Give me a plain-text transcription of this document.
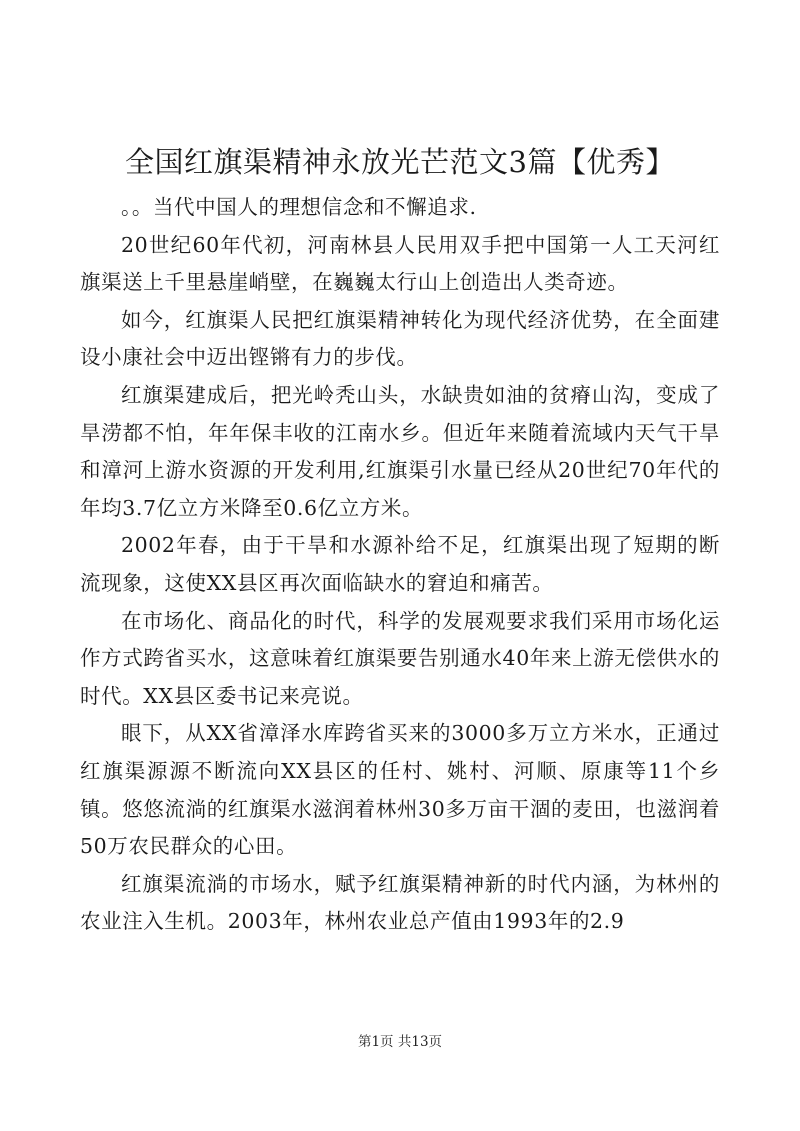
全国红旗渠精神永放光芒范文3篇【优秀】

。。当代中国人的理想信念和不懈追求.

20世纪60年代初，河南林县人民用双手把中国第一人工天河红旗渠送上千里悬崖峭壁，在巍巍太行山上创造出人类奇迹。

如今，红旗渠人民把红旗渠精神转化为现代经济优势，在全面建设小康社会中迈出铿锵有力的步伐。

红旗渠建成后，把光岭秃山头，水缺贵如油的贫瘠山沟，变成了旱涝都不怕，年年保丰收的江南水乡。但近年来随着流域内天气干旱和漳河上游水资源的开发利用,红旗渠引水量已经从20世纪70年代的年均3.7亿立方米降至0.6亿立方米。

2002年春，由于干旱和水源补给不足，红旗渠出现了短期的断流现象，这使XX县区再次面临缺水的窘迫和痛苦。

在市场化、商品化的时代，科学的发展观要求我们采用市场化运作方式跨省买水，这意味着红旗渠要告别通水40年来上游无偿供水的时代。XX县区委书记来亮说。

眼下，从XX省漳泽水库跨省买来的3000多万立方米水，正通过红旗渠源源不断流向XX县区的任村、姚村、河顺、原康等11个乡镇。悠悠流淌的红旗渠水滋润着林州30多万亩干涸的麦田，也滋润着50万农民群众的心田。

红旗渠流淌的市场水，赋予红旗渠精神新的时代内涵，为林州的农业注入生机。2003年，林州农业总产值由1993年的2.9

第1页 共13页
